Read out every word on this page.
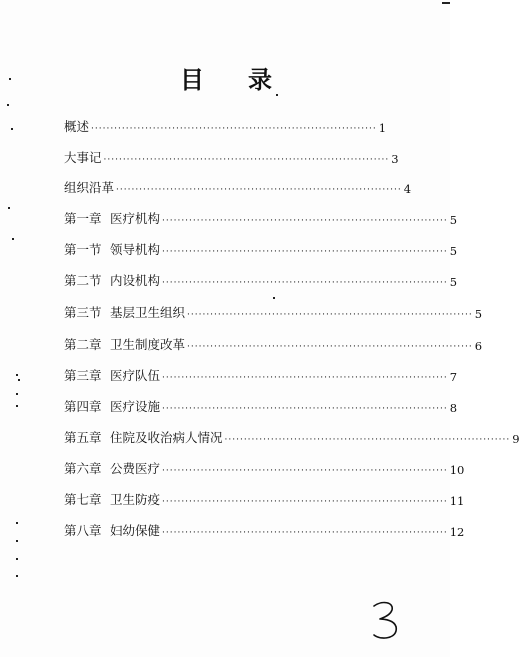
目 录
概述 ·········································································· 1
大事记 ·········································································· 3
组织沿革 ·········································································· 4
第一章 医疗机构 ·········································································· 5
第一节 领导机构 ·········································································· 5
第二节 内设机构 ·········································································· 5
第三节 基层卫生组织 ·········································································· 5
第二章 卫生制度改革 ·········································································· 6
第三章 医疗队伍 ·········································································· 7
第四章 医疗设施 ·········································································· 8
第五章 住院及收治病人情况 ·········································································· 9
第六章 公费医疗 ·········································································· 10
第七章 卫生防疫 ·········································································· 11
第八章 妇幼保健 ·········································································· 12
